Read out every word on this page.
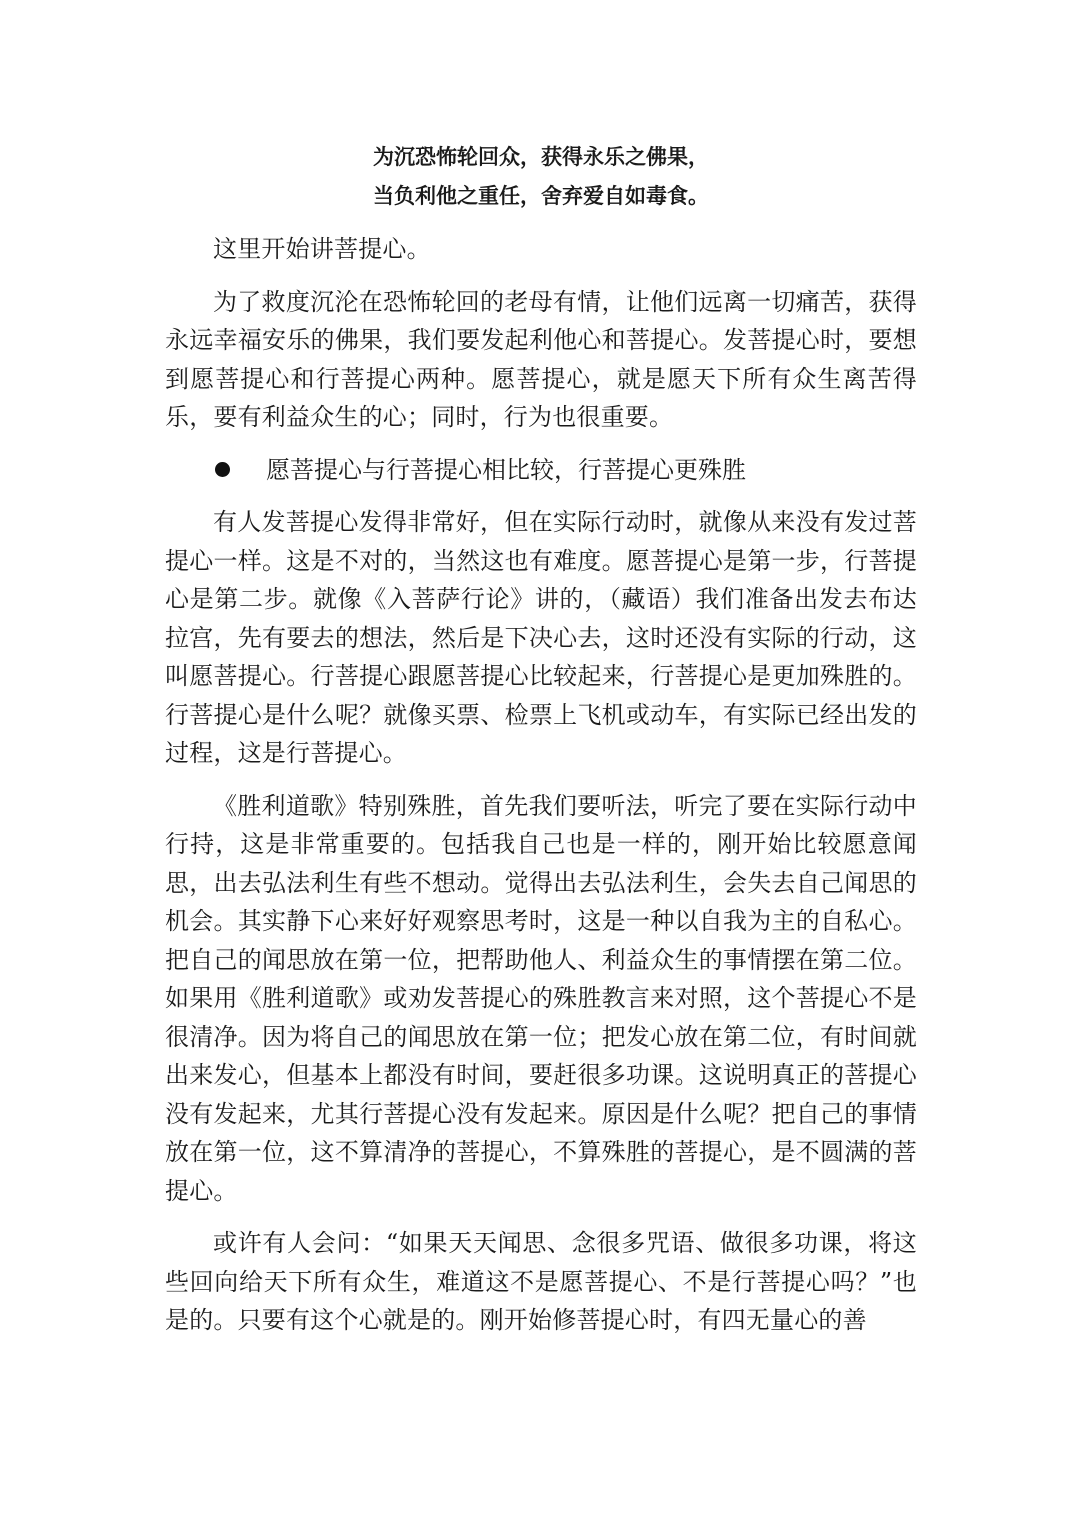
为沉恐怖轮回众，获得永乐之佛果，
当负利他之重任，舍弃爱自如毒食。

这里开始讲菩提心。

为了救度沉沦在恐怖轮回的老母有情，让他们远离一切痛苦，获得永远幸福安乐的佛果，我们要发起利他心和菩提心。发菩提心时，要想到愿菩提心和行菩提心两种。愿菩提心，就是愿天下所有众生离苦得乐，要有利益众生的心；同时，行为也很重要。

愿菩提心与行菩提心相比较，行菩提心更殊胜

有人发菩提心发得非常好，但在实际行动时，就像从来没有发过菩提心一样。这是不对的，当然这也有难度。愿菩提心是第一步，行菩提心是第二步。就像《入菩萨行论》讲的，（藏语）我们准备出发去布达拉宫，先有要去的想法，然后是下决心去，这时还没有实际的行动，这叫愿菩提心。行菩提心跟愿菩提心比较起来，行菩提心是更加殊胜的。行菩提心是什么呢？就像买票、检票上飞机或动车，有实际已经出发的过程，这是行菩提心。

《胜利道歌》特别殊胜，首先我们要听法，听完了要在实际行动中行持，这是非常重要的。包括我自己也是一样的，刚开始比较愿意闻思，出去弘法利生有些不想动。觉得出去弘法利生，会失去自己闻思的机会。其实静下心来好好观察思考时，这是一种以自我为主的自私心。把自己的闻思放在第一位，把帮助他人、利益众生的事情摆在第二位。如果用《胜利道歌》或劝发菩提心的殊胜教言来对照，这个菩提心不是很清净。因为将自己的闻思放在第一位；把发心放在第二位，有时间就出来发心，但基本上都没有时间，要赶很多功课。这说明真正的菩提心没有发起来，尤其行菩提心没有发起来。原因是什么呢？把自己的事情放在第一位，这不算清净的菩提心，不算殊胜的菩提心，是不圆满的菩提心。

或许有人会问：“如果天天闻思、念很多咒语、做很多功课，将这些回向给天下所有众生，难道这不是愿菩提心、不是行菩提心吗？”也是的。只要有这个心就是的。刚开始修菩提心时，有四无量心的善
